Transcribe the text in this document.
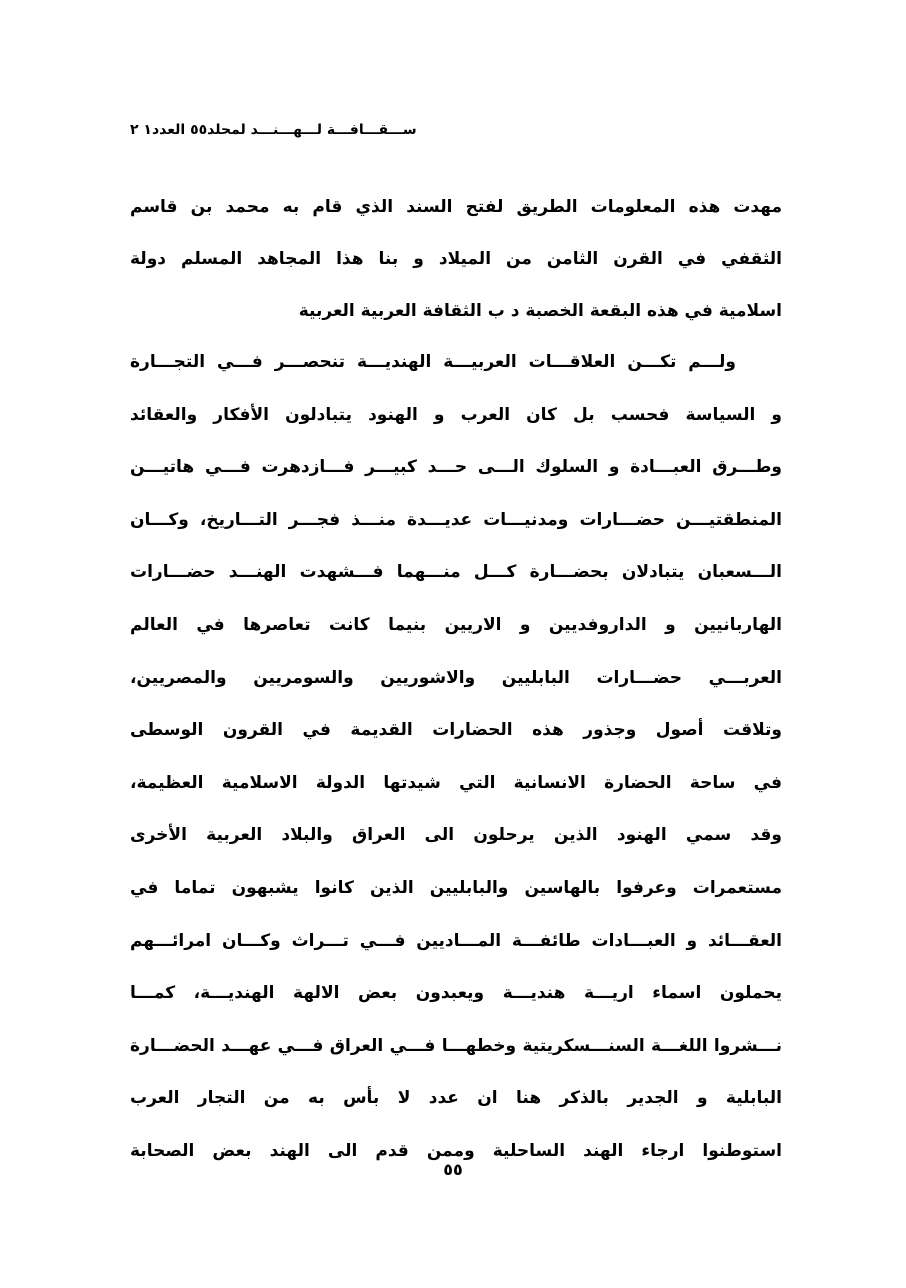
ســـقـــافـــة لـــهـــنـــد لمحلد٥٥ العدد١ ٢
مهدت هذه المعلومات الطريق لفتح السند الذي قام به محمد بن قاسم
الثقفي في القرن الثامن من الميلاد و بنا هذا المجاهد المسلم دولة
اسلامية في هذه البقعة الخصبة د ب الثقافة العربية العربية
ولـــم تكـــن العلاقـــات العربيـــة الهنديـــة تنحصـــر فـــي التجـــارة
و السياسة فحسب بل كان العرب و الهنود يتبادلون الأفكار والعقائد
وطـــرق العبـــادة و السلوك الـــى حـــد كبيـــر فـــازدهرت فـــي هاتيـــن
المنطقتيـــن حضـــارات ومدنيـــات عديـــدة منـــذ فجـــر التـــاريخ، وكـــان
الـــسعبان يتبادلان بحضـــارة كـــل منـــهما فـــشهدت الهنـــد حضـــارات
الهاربانيين و الداروفديين و الاريين بنيما كانت تعاصرها في العالم
العربـــي حضـــارات البابليين والاشوريين والسومريين والمصريين،
وتلاقت أصول وجذور هذه الحضارات القديمة في القرون الوسطى
في ساحة الحضارة الانسانية التي شيدتها الدولة الاسلامية العظيمة،
وقد سمي الهنود الذين يرحلون الى العراق والبلاد العربية الأخرى
مستعمرات وعرفوا بالهاسين والبابليين الذين كانوا يشبهون تماما في
العقـــائد و العبـــادات طائفـــة المـــاديين فـــي تـــراث وكـــان امرائـــهم
يحملون اسماء اريـــة هنديـــة ويعبدون بعض الالهة الهنديـــة، كمـــا
نـــشروا اللغـــة السنـــسكريتية وخطهـــا فـــي العراق فـــي عهـــد الحضـــارة
البابلية و الجدير بالذكر هنا ان عدد لا بأس به من التجار العرب
استوطنوا ارجاء الهند الساحلية وممن قدم الى الهند بعض الصحابة
٥٥
